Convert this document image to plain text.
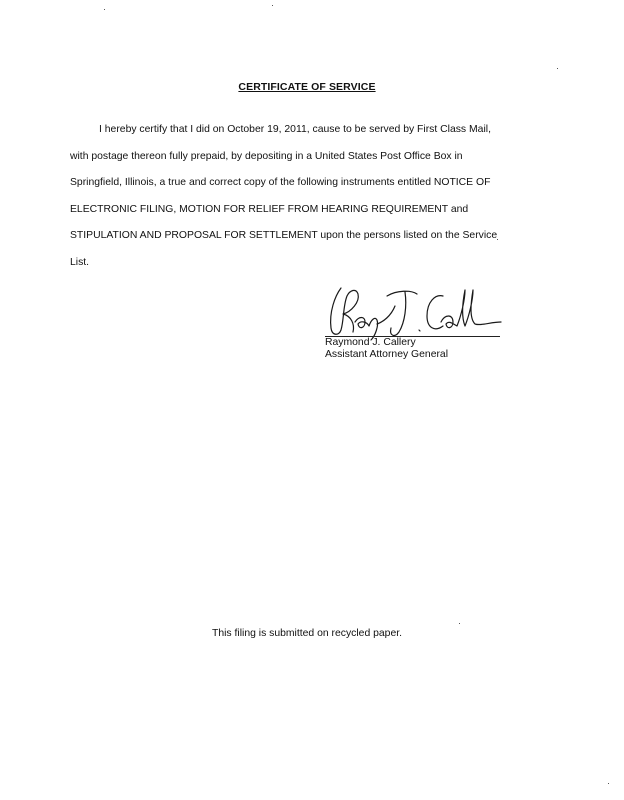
CERTIFICATE OF SERVICE

I hereby certify that I did on October 19, 2011, cause to be served by First Class Mail,
with postage thereon fully prepaid, by depositing in a United States Post Office Box in
Springfield, Illinois, a true and correct copy of the following instruments entitled NOTICE OF
ELECTRONIC FILING, MOTION FOR RELIEF FROM HEARING REQUIREMENT and
STIPULATION AND PROPOSAL FOR SETTLEMENT upon the persons listed on the Service
List.

Raymond J. Callery
Assistant Attorney General
This filing is submitted on recycled paper.
